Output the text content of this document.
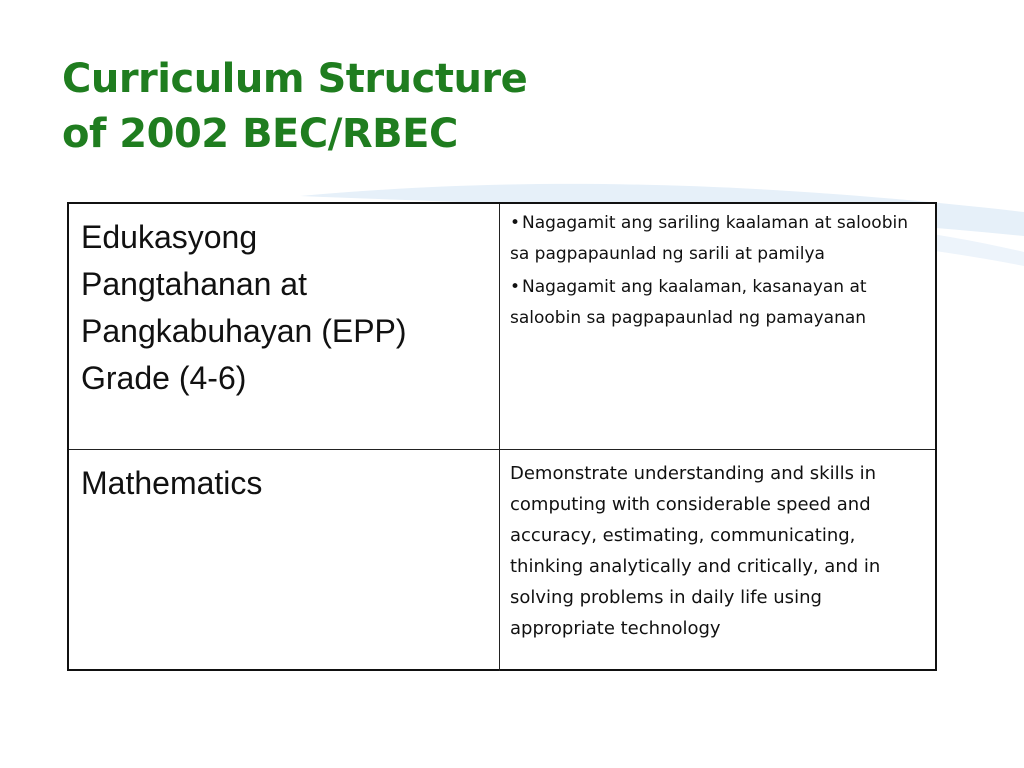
Curriculum Structure
of 2002 BEC/RBEC
Edukasyong
Pangtahanan at
Pangkabuhayan (EPP)
Grade (4-6)

• Nagagamit ang sariling kaalaman at saloobin sa pagpapaunlad ng sarili at pamilya

• Nagagamit ang kaalaman, kasanayan at saloobin sa pagpapaunlad ng pamayanan

Mathematics	Demonstrate understanding and skills in computing with considerable speed and accuracy, estimating, communicating, thinking analytically and critically, and in solving problems in daily life using appropriate technology
